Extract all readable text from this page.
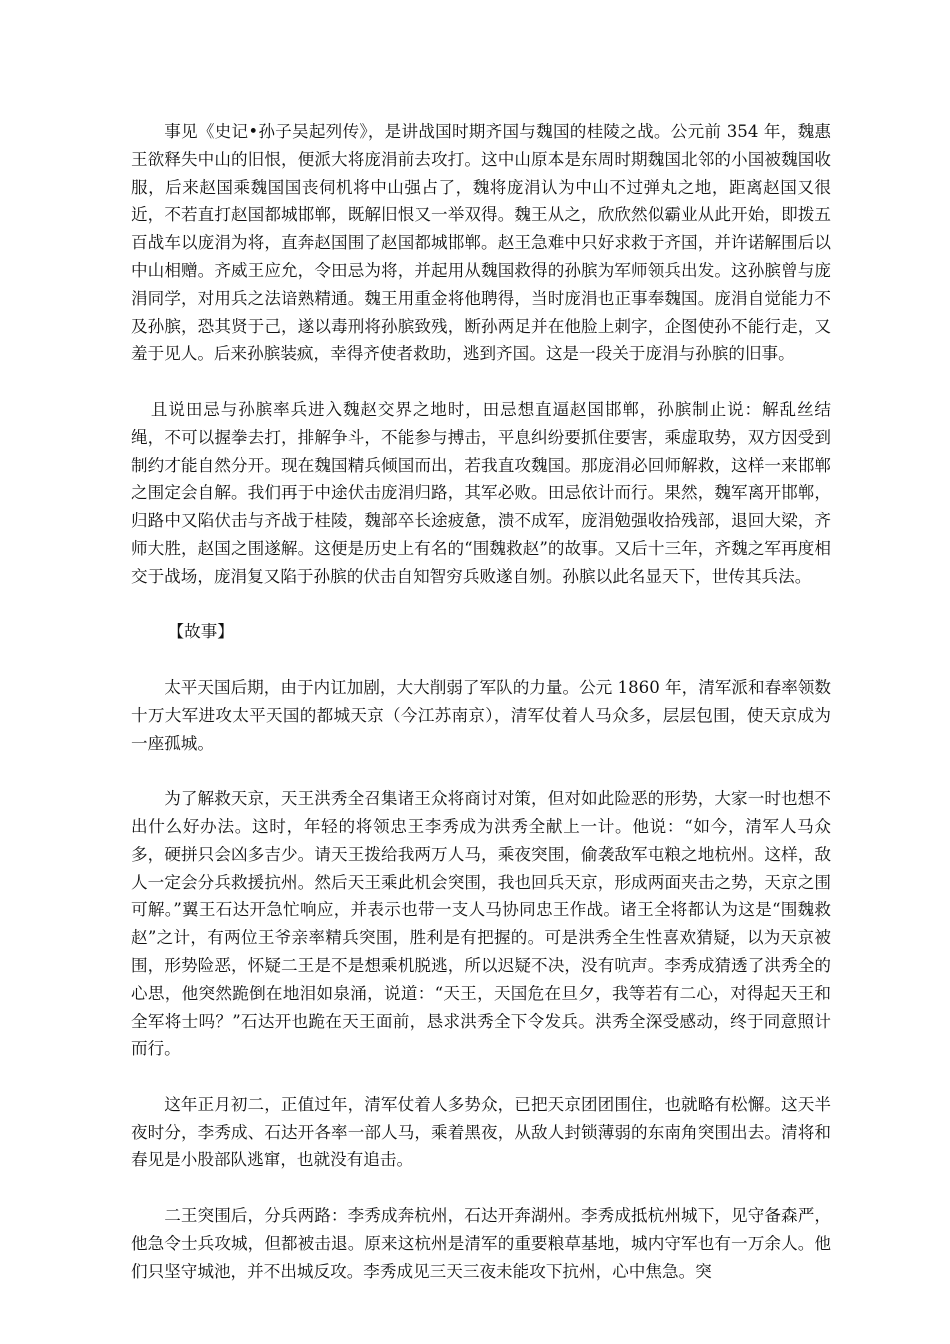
事见《史记•孙子吴起列传》，是讲战国时期齐国与魏国的桂陵之战。公元前 354 年，魏惠王欲释失中山的旧恨，便派大将庞涓前去攻打。这中山原本是东周时期魏国北邻的小国被魏国收服，后来赵国乘魏国国丧伺机将中山强占了，魏将庞涓认为中山不过弹丸之地，距离赵国又很近，不若直打赵国都城邯郸，既解旧恨又一举双得。魏王从之，欣欣然似霸业从此开始，即拨五百战车以庞涓为将，直奔赵国围了赵国都城邯郸。赵王急难中只好求救于齐国，并许诺解围后以中山相赠。齐威王应允，令田忌为将，并起用从魏国救得的孙膑为军师领兵出发。这孙膑曾与庞涓同学，对用兵之法谙熟精通。魏王用重金将他聘得，当时庞涓也正事奉魏国。庞涓自觉能力不及孙膑，恐其贤于己，遂以毒刑将孙膑致残，断孙两足并在他脸上刺字，企图使孙不能行走，又羞于见人。后来孙膑装疯，幸得齐使者救助，逃到齐国。这是一段关于庞涓与孙膑的旧事。

且说田忌与孙膑率兵进入魏赵交界之地时，田忌想直逼赵国邯郸，孙膑制止说：解乱丝结绳，不可以握拳去打，排解争斗，不能参与搏击，平息纠纷要抓住要害，乘虚取势，双方因受到制约才能自然分开。现在魏国精兵倾国而出，若我直攻魏国。那庞涓必回师解救，这样一来邯郸之围定会自解。我们再于中途伏击庞涓归路，其军必败。田忌依计而行。果然，魏军离开邯郸，归路中又陷伏击与齐战于桂陵，魏部卒长途疲惫，溃不成军，庞涓勉强收拾残部，退回大梁，齐师大胜，赵国之围遂解。这便是历史上有名的“围魏救赵”的故事。又后十三年，齐魏之军再度相交于战场，庞涓复又陷于孙膑的伏击自知智穷兵败遂自刎。孙膑以此名显天下，世传其兵法。

【故事】

太平天国后期，由于内讧加剧，大大削弱了军队的力量。公元 1860 年，清军派和春率领数十万大军进攻太平天国的都城天京（今江苏南京），清军仗着人马众多，层层包围，使天京成为一座孤城。

为了解救天京，天王洪秀全召集诸王众将商讨对策，但对如此险恶的形势，大家一时也想不出什么好办法。这时，年轻的将领忠王李秀成为洪秀全献上一计。他说：“如今，清军人马众多，硬拼只会凶多吉少。请天王拨给我两万人马，乘夜突围，偷袭敌军屯粮之地杭州。这样，敌人一定会分兵救援抗州。然后天王乘此机会突围，我也回兵天京，形成两面夹击之势，天京之围可解。”翼王石达开急忙响应，并表示也带一支人马协同忠王作战。诸王全将都认为这是“围魏救赵”之计，有两位王爷亲率精兵突围，胜利是有把握的。可是洪秀全生性喜欢猜疑，以为天京被围，形势险恶，怀疑二王是不是想乘机脱逃，所以迟疑不决，没有吭声。李秀成猜透了洪秀全的心思，他突然跪倒在地泪如泉涌，说道：“天王，天国危在旦夕，我等若有二心，对得起天王和全军将士吗？”石达开也跪在天王面前，恳求洪秀全下令发兵。洪秀全深受感动，终于同意照计而行。

这年正月初二，正值过年，清军仗着人多势众，已把天京团团围住，也就略有松懈。这天半夜时分，李秀成、石达开各率一部人马，乘着黑夜，从敌人封锁薄弱的东南角突围出去。清将和春见是小股部队逃窜，也就没有追击。

二王突围后，分兵两路：李秀成奔杭州，石达开奔湖州。李秀成抵杭州城下，见守备森严，他急令士兵攻城，但都被击退。原来这杭州是清军的重要粮草基地，城内守军也有一万余人。他们只坚守城池，并不出城反攻。李秀成见三天三夜未能攻下抗州，心中焦急。突
